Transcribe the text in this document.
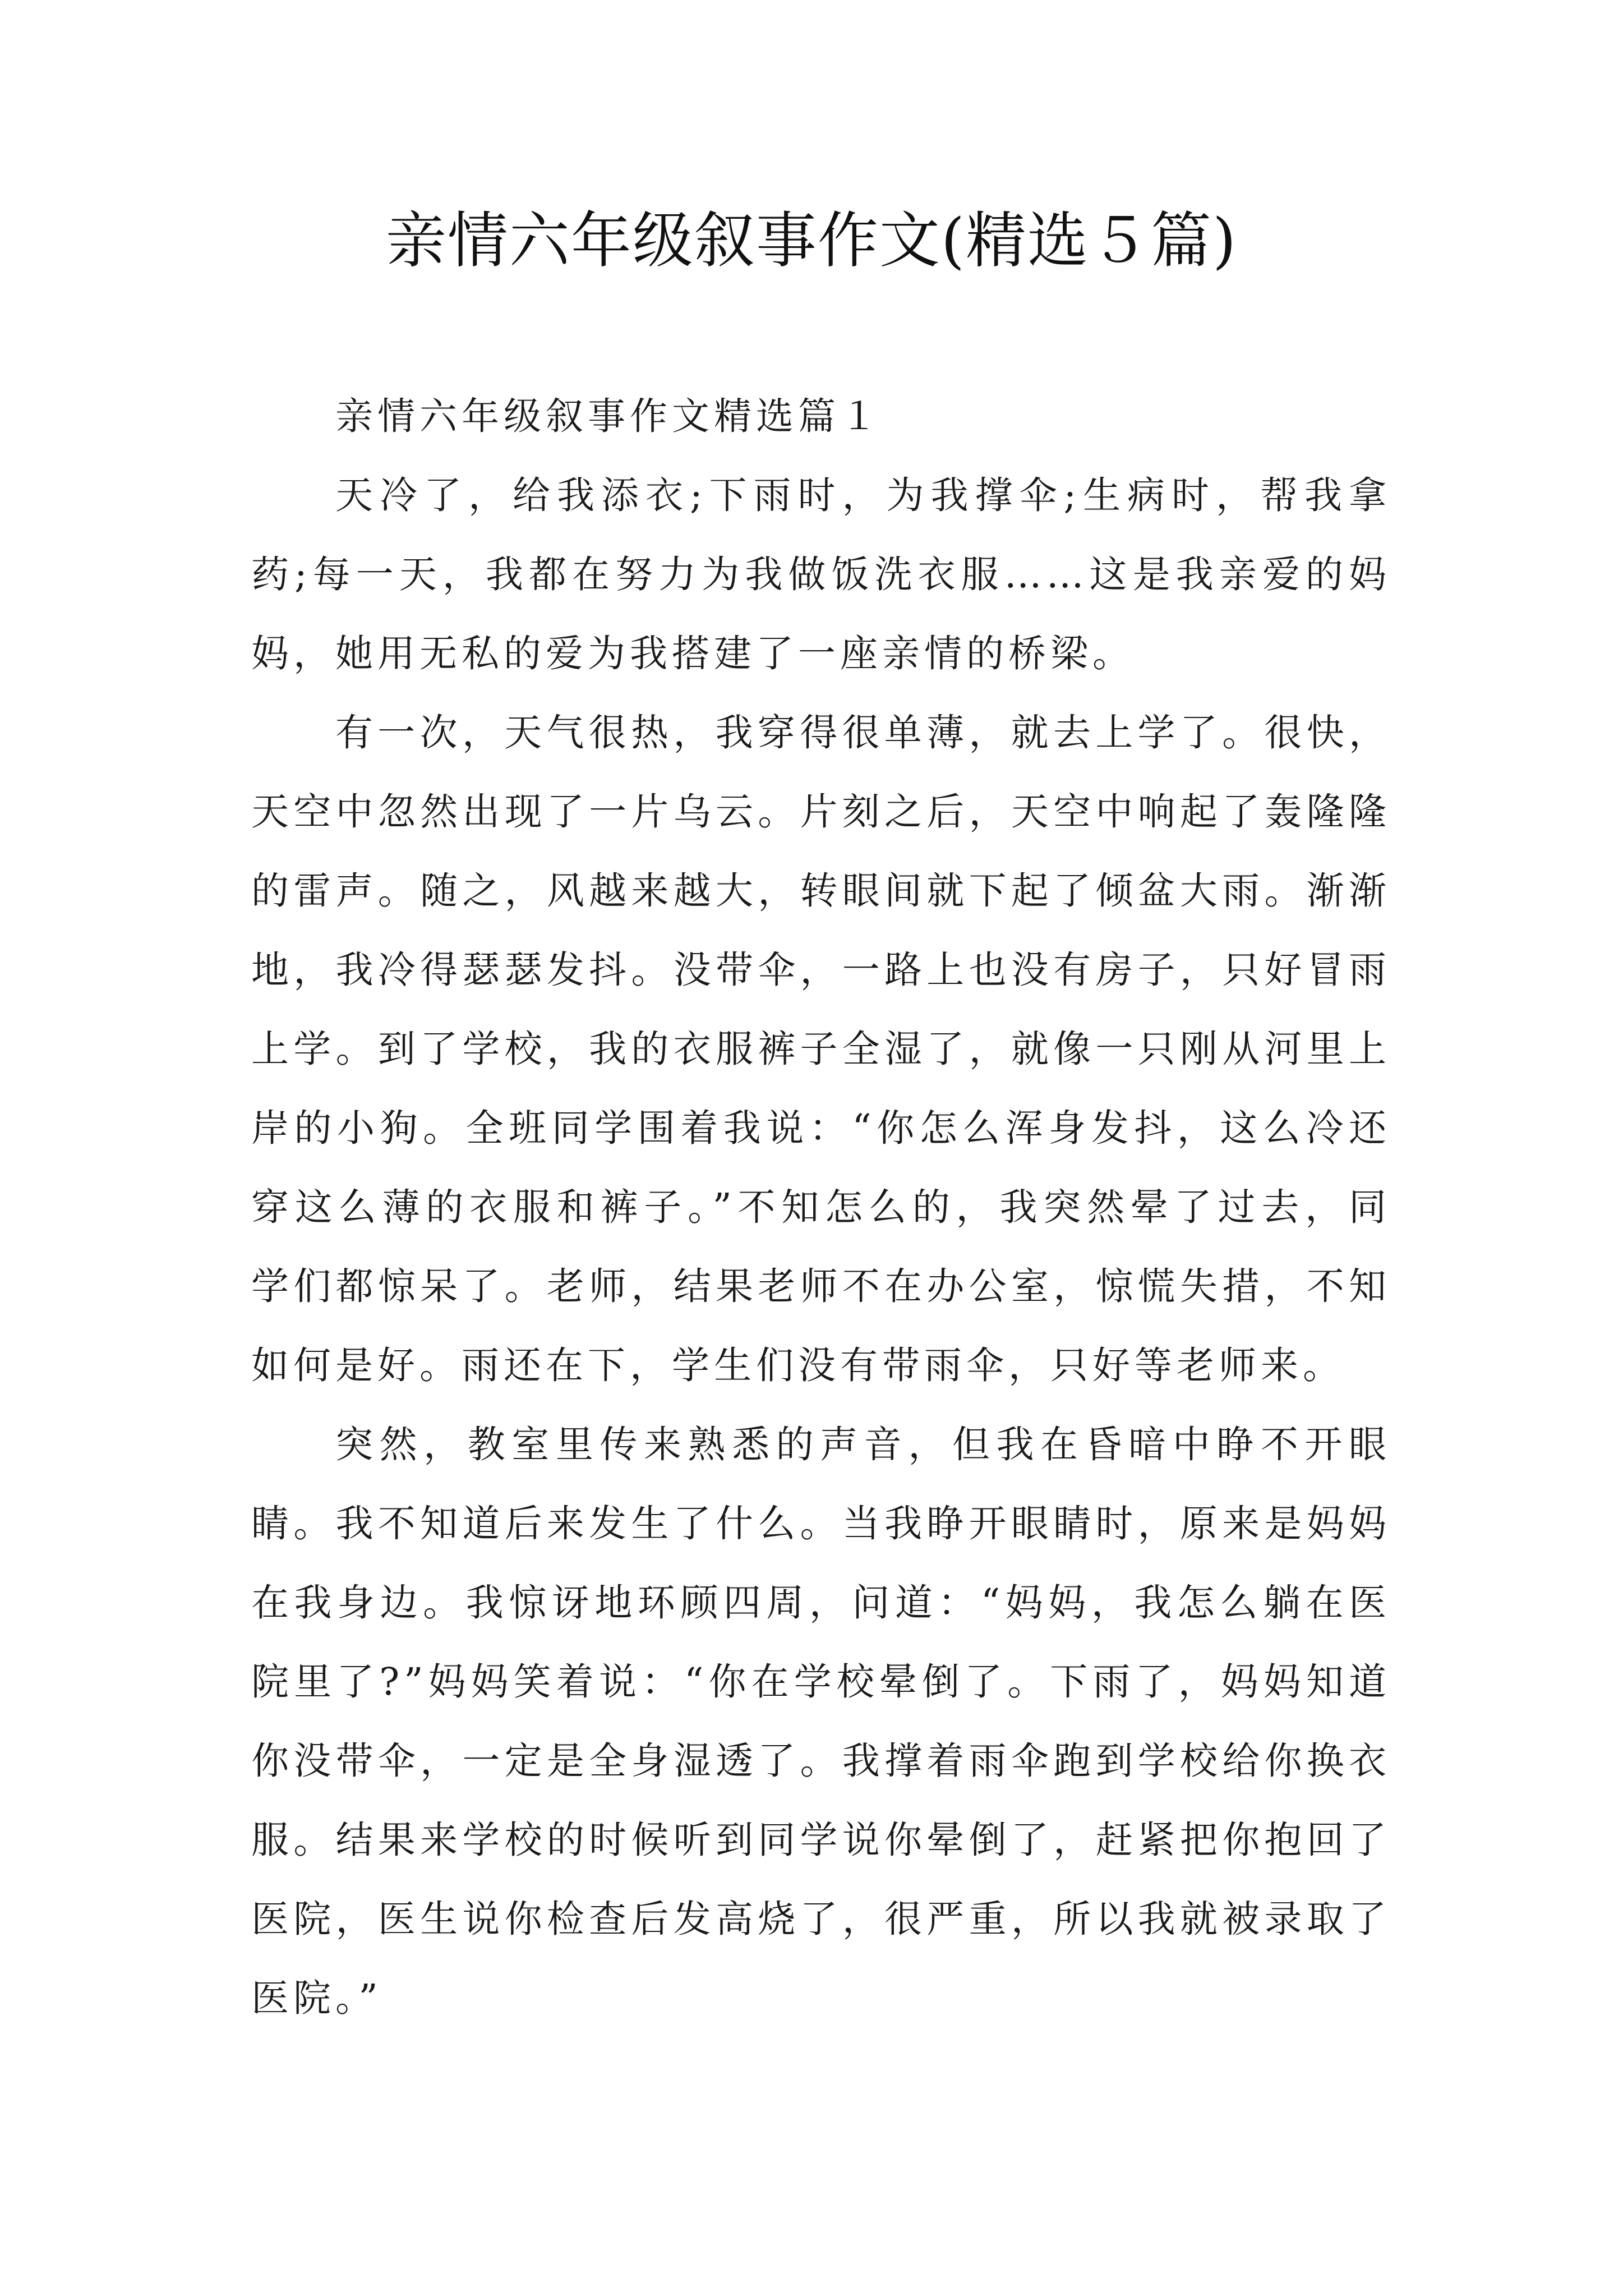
亲情六年级叙事作文(精选５篇)

亲情六年级叙事作文精选篇１

天冷了，给我添衣;下雨时，为我撑伞;生病时，帮我拿药;每一天，我都在努力为我做饭洗衣服……这是我亲爱的妈妈，她用无私的爱为我搭建了一座亲情的桥梁。

有一次，天气很热，我穿得很单薄，就去上学了。很快，天空中忽然出现了一片乌云。片刻之后，天空中响起了轰隆隆的雷声。随之，风越来越大，转眼间就下起了倾盆大雨。渐渐地，我冷得瑟瑟发抖。没带伞，一路上也没有房子，只好冒雨上学。到了学校，我的衣服裤子全湿了，就像一只刚从河里上岸的小狗。全班同学围着我说：“你怎么浑身发抖，这么冷还穿这么薄的衣服和裤子。”不知怎么的，我突然晕了过去，同学们都惊呆了。老师，结果老师不在办公室，惊慌失措，不知如何是好。雨还在下，学生们没有带雨伞，只好等老师来。

突然，教室里传来熟悉的声音，但我在昏暗中睁不开眼睛。我不知道后来发生了什么。当我睁开眼睛时，原来是妈妈在我身边。我惊讶地环顾四周，问道：“妈妈，我怎么躺在医院里了?”妈妈笑着说：“你在学校晕倒了。下雨了，妈妈知道你没带伞，一定是全身湿透了。我撑着雨伞跑到学校给你换衣服。结果来学校的时候听到同学说你晕倒了，赶紧把你抱回了医院，医生说你检查后发高烧了，很严重，所以我就被录取了医院。”
